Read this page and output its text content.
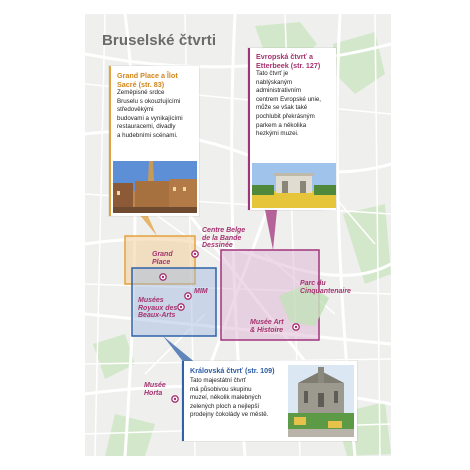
Bruselské čtvrti
Grand Place a Îlot Sacré (str. 83)
Zeměpisné srdce
Bruselu s okouzlujícími
středověkými
budovami a vynikajícími
restauracemi, divadly
a hudebními scénami.
Evropská čtvrť a Etterbeek (str. 127)
Tato čtvrť je
nablýskaným
administrativním
centrem Evropské unie,
může se však také
pochlubit překrásným
parkem a několika
hezkými muzei.
Královská čtvrť (str. 109)
Tato majestátní čtvrť
má působivou skupinu
muzeí, několik malebných
zelených ploch a nejlepší
prodejny čokolády ve městě.
Centre Belge
de la Bande
Dessinée
Grand
Place
MIM
Musées
Royaux des
Beaux-Arts
Parc du
Cinquantenaire
Musée Art
& Histoire
Musée
Horta
